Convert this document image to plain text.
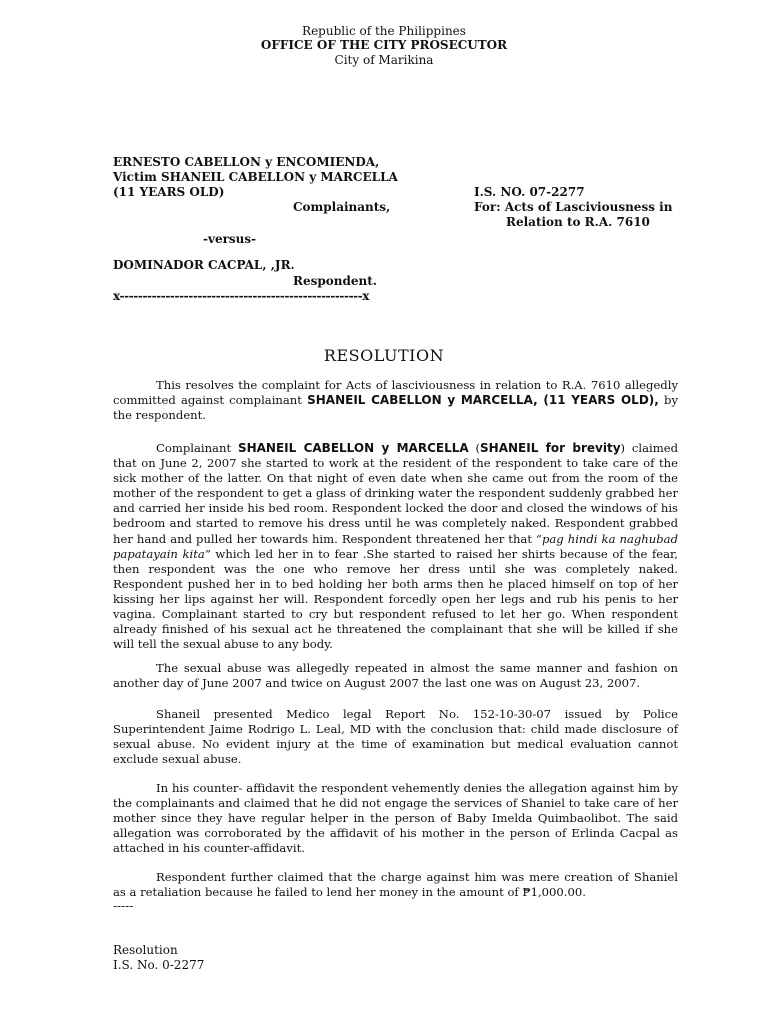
Republic of the Philippines
OFFICE OF THE CITY PROSECUTOR
City of Marikina
ERNESTO CABELLON y ENCOMIENDA,
Victim SHANEIL CABELLON y MARCELLA
(11 YEARS OLD)	I.S. NO. 07-2277
Complainants,	For: Acts of Lasciviousness in
Relation to R.A. 7610
-versus-
DOMINADOR CACPAL, ,JR.
Respondent.
x-----------------------------------------------------x
RESOLUTION

This resolves the complaint for Acts of lasciviousness in relation to R.A. 7610 allegedly committed against complainant SHANEIL CABELLON y MARCELLA, (11 YEARS OLD), by the respondent.

Complainant SHANEIL CABELLON y MARCELLA (SHANEIL for brevity) claimed that on June 2, 2007 she started to work at the resident of the respondent to take care of the sick mother of the latter. On that night of even date when she came out from the room of the mother of the respondent to get a glass of drinking water the respondent suddenly grabbed her and carried her inside his bed room. Respondent locked the door and closed the windows of his bedroom and started to remove his dress until he was completely naked. Respondent grabbed her hand and pulled her towards him. Respondent threatened her that “pag hindi ka naghubad papatayain kita” which led her in to fear .She started to raised her shirts because of the fear, then respondent was the one who remove her dress until she was completely naked. Respondent pushed her in to bed holding her both arms then he placed himself on top of her kissing her lips against her will. Respondent forcedly open her legs and rub his penis to her vagina. Complainant started to cry but respondent refused to let her go. When respondent already finished of his sexual act he threatened the complainant that she will be killed if she will tell the sexual abuse to any body.

The sexual abuse was allegedly repeated in almost the same manner and fashion on another day of June 2007 and twice on August 2007 the last one was on August 23, 2007.

Shaneil presented Medico legal Report No. 152-10-30-07 issued by Police Superintendent Jaime Rodrigo L. Leal, MD with the conclusion that: child made disclosure of sexual abuse. No evident injury at the time of examination but medical evaluation cannot exclude sexual abuse.

In his counter- affidavit the respondent vehemently denies the allegation against him by the complainants and claimed that he did not engage the services of Shaniel to take care of her mother since they have regular helper in the person of Baby Imelda Quimbaolibot. The said allegation was corroborated by the affidavit of his mother in the person of Erlinda Cacpal as attached in his counter-affidavit.

Respondent further claimed that the charge against him was mere creation of Shaniel as a retaliation because he failed to lend her money in the amount of ₱1,000.00.

-----
Resolution
I.S. No. 0-2277
